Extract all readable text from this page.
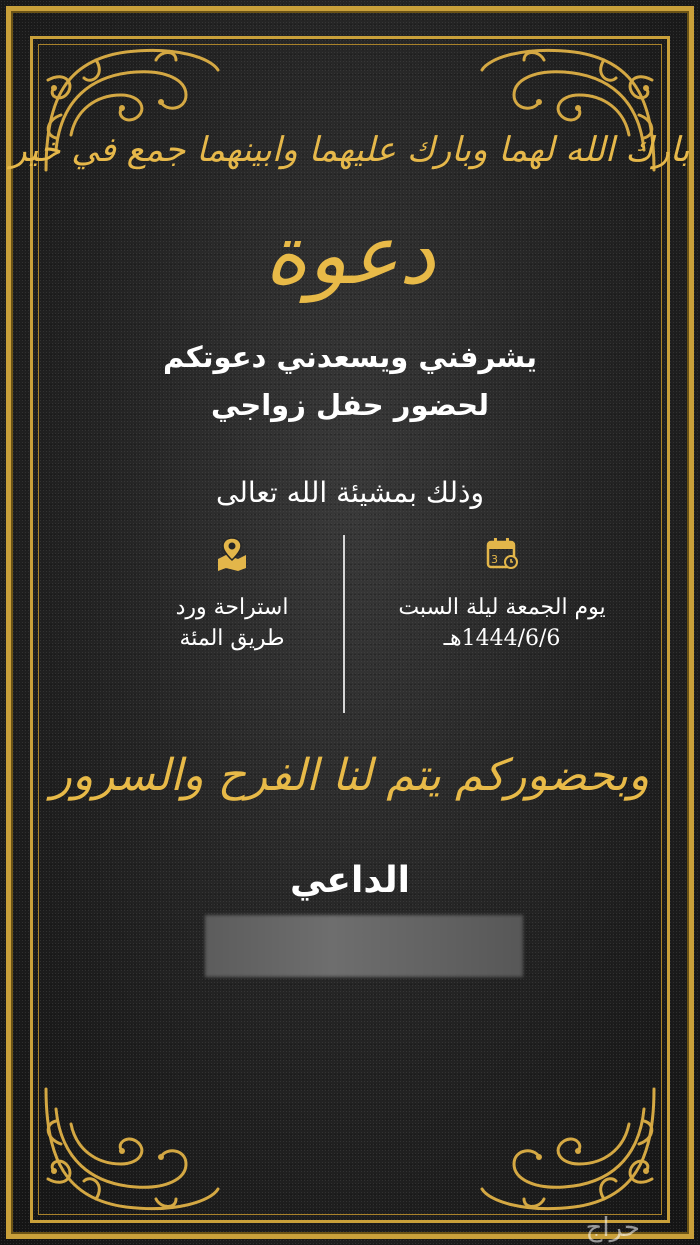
بارك الله لهما وبارك عليهما وابينهما جمع في خير
دعوة
يشرفني ويسعدني دعوتكم
لحضور حفل زواجي
وذلك بمشيئة الله تعالى
3
يوم الجمعة ليلة السبت
1444/6/6هـ
استراحة ورد
طريق المئة
وبحضوركم يتم لنا الفرح والسرور
الداعي
حراج
